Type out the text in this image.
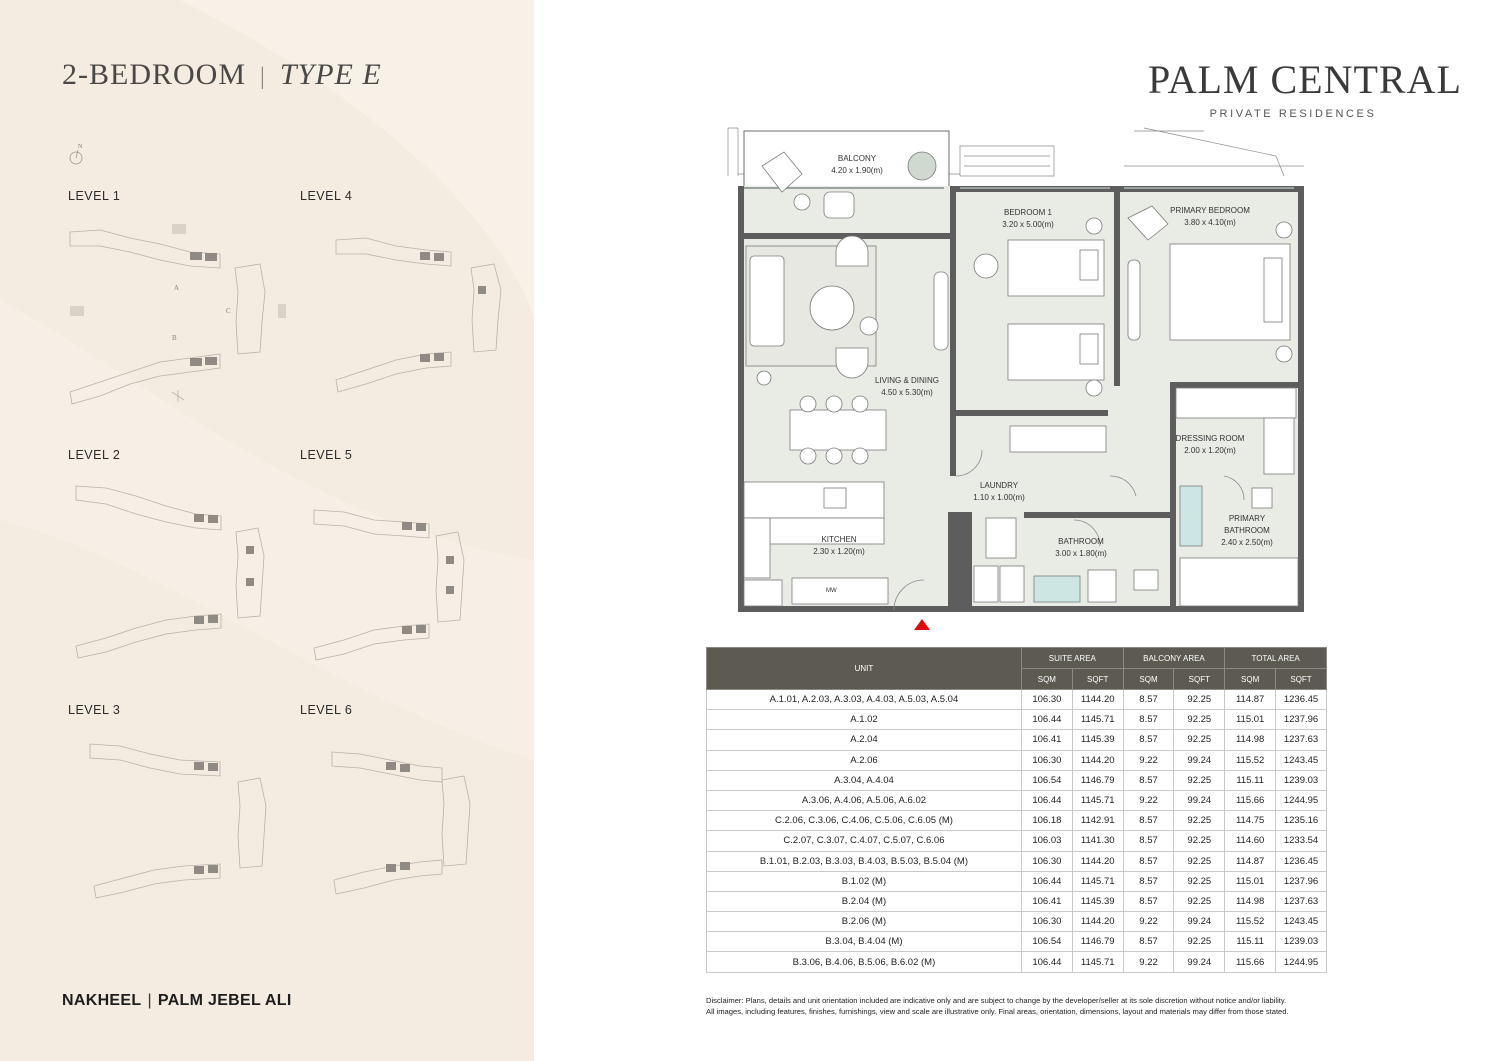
2-BEDROOM | TYPE E
N
LEVEL 1	LEVEL 4
LEVEL 2	LEVEL 5
LEVEL 3	LEVEL 6
A
B
C
NAKHEEL | PALM JEBEL ALI
PALM CENTRAL
PRIVATE RESIDENCES
MW
BALCONY
4.20 x 1.90(m)
BEDROOM 1
3.20 x 5.00(m)
PRIMARY BEDROOM
3.80 x 4.10(m)
LIVING & DINING
4.50 x 5.30(m)
DRESSING ROOM
2.00 x 1.20(m)
LAUNDRY
1.10 x 1.00(m)
PRIMARY
BATHROOM
2.40 x 2.50(m)
KITCHEN
2.30 x 1.20(m)
BATHROOM
3.00 x 1.80(m)
UNIT	SUITE AREA		BALCONY AREA		TOTAL AREA	
	SQM	SQFT	SQM	SQFT	SQM	SQFT
A.1.01, A.2.03, A.3.03, A.4.03, A.5.03, A.5.04	106.30	1144.20	8.57	92.25	114.87	1236.45
A.1.02	106.44	1145.71	8.57	92.25	115.01	1237.96
A.2.04	106.41	1145.39	8.57	92.25	114.98	1237.63
A.2.06	106.30	1144.20	9.22	99.24	115.52	1243.45
A.3.04, A.4.04	106.54	1146.79	8.57	92.25	115.11	1239.03
A.3.06, A.4.06, A.5.06, A.6.02	106.44	1145.71	9.22	99.24	115.66	1244.95
C.2.06, C.3.06, C.4.06, C.5.06, C.6.05 (M)	106.18	1142.91	8.57	92.25	114.75	1235.16
C.2.07, C.3.07, C.4.07, C.5.07, C.6.06	106.03	1141.30	8.57	92.25	114.60	1233.54
B.1.01, B.2.03, B.3.03, B.4.03, B.5.03, B.5.04 (M)	106.30	1144.20	8.57	92.25	114.87	1236.45
B.1.02 (M)	106.44	1145.71	8.57	92.25	115.01	1237.96
B.2.04 (M)	106.41	1145.39	8.57	92.25	114.98	1237.63
B.2.06 (M)	106.30	1144.20	9.22	99.24	115.52	1243.45
B.3.04, B.4.04 (M)	106.54	1146.79	8.57	92.25	115.11	1239.03
B.3.06, B.4.06, B.5.06, B.6.02 (M)	106.44	1145.71	9.22	99.24	115.66	1244.95
Disclaimer: Plans, details and unit orientation included are indicative only and are subject to change by the developer/seller at its sole discretion without notice and/or liability.
All images, including features, finishes, furnishings, view and scale are illustrative only. Final areas, orientation, dimensions, layout and materials may differ from those stated.
